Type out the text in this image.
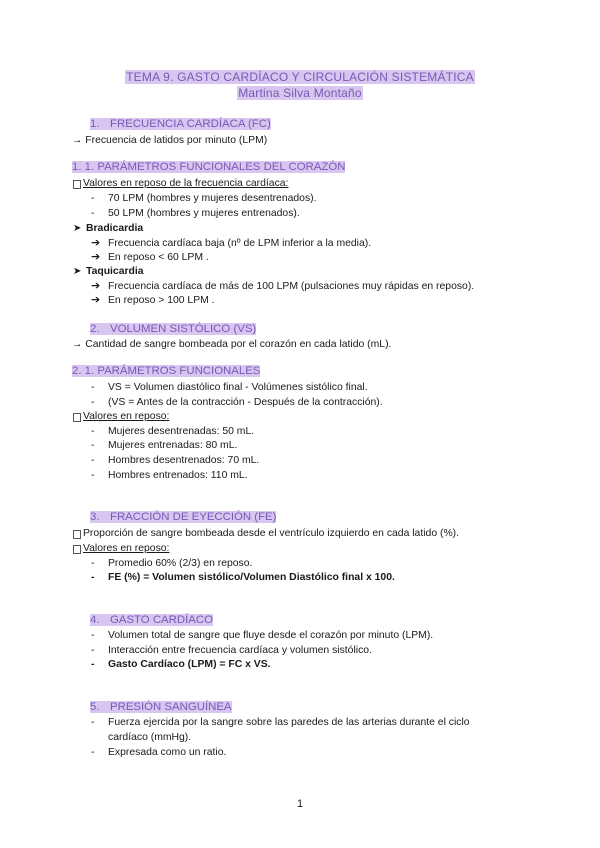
TEMA 9. GASTO CARDÍACO Y CIRCULACIÓN SISTEMÁTICA
Martina Silva Montaño
1. FRECUENCIA CARDÍACA (FC)
→ Frecuencia de latidos por minuto (LPM)
1. 1. PARÁMETROS FUNCIONALES DEL CORAZÓN
Valores en reposo de la frecuencia cardíaca:
- 70 LPM (hombres y mujeres desentrenados).
- 50 LPM (hombres y mujeres entrenados).
➤ Bradicardia
➔ Frecuencia cardíaca baja (nº de LPM inferior a la media).
➔ En reposo < 60 LPM .
➤ Taquicardia
➔ Frecuencia cardíaca de más de 100 LPM (pulsaciones muy rápidas en reposo).
➔ En reposo > 100 LPM .
2. VOLUMEN SISTÓLICO (VS)
→ Cantidad de sangre bombeada por el corazón en cada latido (mL).
2. 1. PARÁMETROS FUNCIONALES
- VS = Volumen diastólico final - Volúmenes sistólico final.
- (VS = Antes de la contracción - Después de la contracción).
Valores en reposo:
- Mujeres desentrenadas: 50 mL.
- Mujeres entrenadas: 80 mL.
- Hombres desentrenados: 70 mL.
- Hombres entrenados: 110 mL.
3. FRACCIÓN DE EYECCIÓN (FE)
Proporción de sangre bombeada desde el ventrículo izquierdo en cada latido (%).
Valores en reposo:
- Promedio 60% (2/3) en reposo.
- FE (%) = Volumen sistólico/Volumen Diastólico final x 100.
4. GASTO CARDÍACO
- Volumen total de sangre que fluye desde el corazón por minuto (LPM).
- Interacción entre frecuencia cardíaca y volumen sistólico.
- Gasto Cardíaco (LPM) = FC x VS.
5. PRESIÓN SANGUÍNEA
- Fuerza ejercida por la sangre sobre las paredes de las arterias durante el ciclo
cardíaco (mmHg).
- Expresada como un ratio.
1
